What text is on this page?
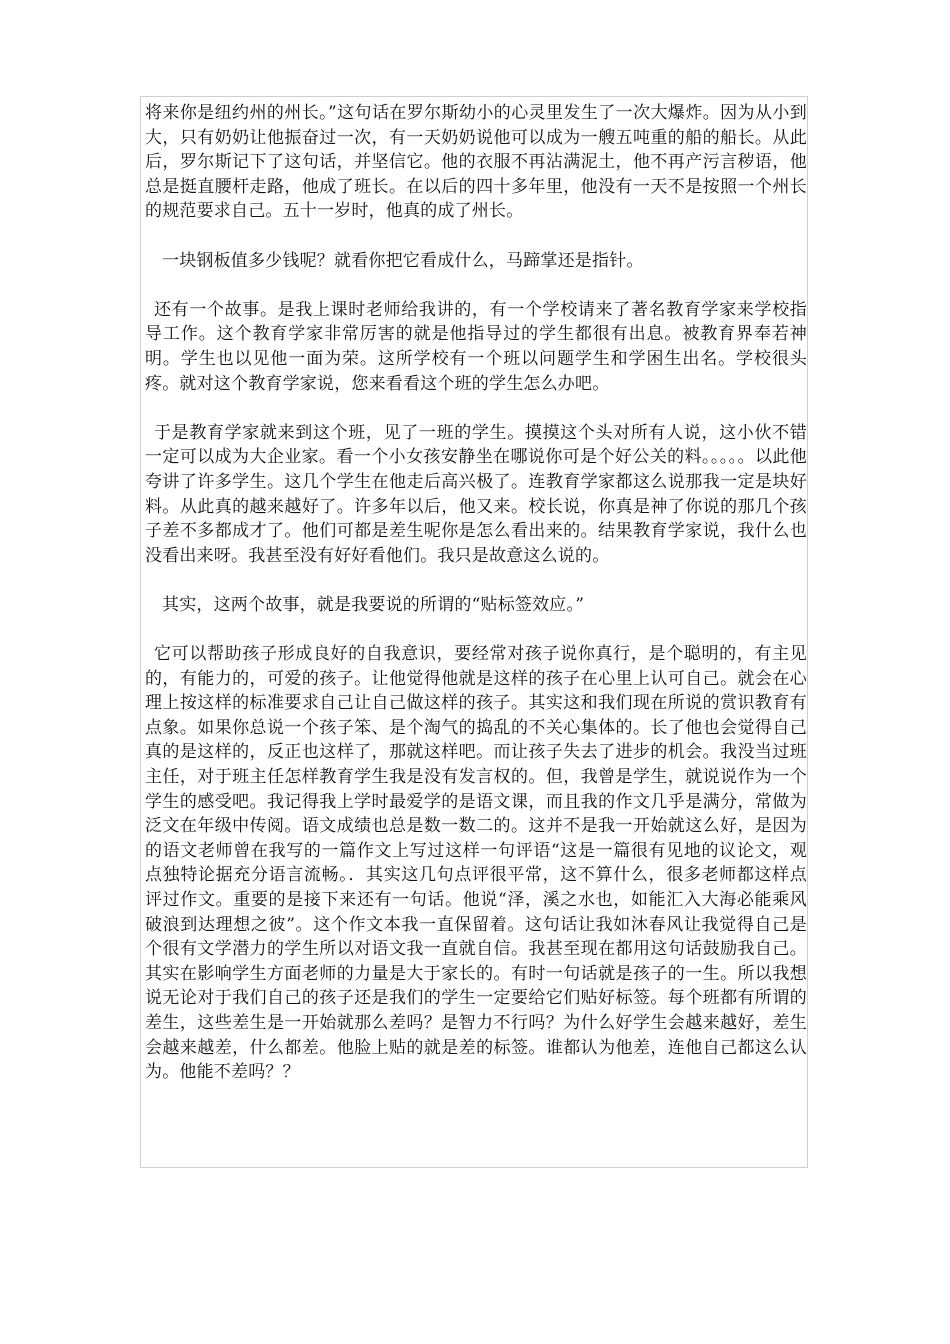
将来你是纽约州的州长。”这句话在罗尔斯幼小的心灵里发生了一次大爆炸。因为从小到大，只有奶奶让他振奋过一次，有一天奶奶说他可以成为一艘五吨重的船的船长。从此后，罗尔斯记下了这句话，并坚信它。他的衣服不再沾满泥土，他不再产污言秽语，他总是挺直腰杆走路，他成了班长。在以后的四十多年里，他没有一天不是按照一个州长的规范要求自己。五十一岁时，他真的成了州长。

一块钢板值多少钱呢？就看你把它看成什么，马蹄掌还是指针。

还有一个故事。是我上课时老师给我讲的，有一个学校请来了著名教育学家来学校指导工作。这个教育学家非常厉害的就是他指导过的学生都很有出息。被教育界奉若神明。学生也以见他一面为荣。这所学校有一个班以问题学生和学困生出名。学校很头疼。就对这个教育学家说，您来看看这个班的学生怎么办吧。

于是教育学家就来到这个班，见了一班的学生。摸摸这个头对所有人说，这小伙不错一定可以成为大企业家。看一个小女孩安静坐在哪说你可是个好公关的料。。。。。以此他夸讲了许多学生。这几个学生在他走后高兴极了。连教育学家都这么说那我一定是块好料。从此真的越来越好了。许多年以后，他又来。校长说，你真是神了你说的那几个孩子差不多都成才了。他们可都是差生呢你是怎么看出来的。结果教育学家说，我什么也没看出来呀。我甚至没有好好看他们。我只是故意这么说的。

其实，这两个故事，就是我要说的所谓的“贴标签效应。”

它可以帮助孩子形成良好的自我意识，要经常对孩子说你真行，是个聪明的，有主见的，有能力的，可爱的孩子。让他觉得他就是这样的孩子在心里上认可自己。就会在心理上按这样的标准要求自己让自己做这样的孩子。其实这和我们现在所说的赏识教育有点象。如果你总说一个孩子笨、是个淘气的捣乱的不关心集体的。长了他也会觉得自己真的是这样的，反正也这样了，那就这样吧。而让孩子失去了进步的机会。我没当过班主任，对于班主任怎样教育学生我是没有发言权的。但，我曾是学生，就说说作为一个学生的感受吧。我记得我上学时最爱学的是语文课，而且我的作文几乎是满分，常做为泛文在年级中传阅。语文成绩也总是数一数二的。这并不是我一开始就这么好，是因为的语文老师曾在我写的一篇作文上写过这样一句评语“这是一篇很有见地的议论文，观点独特论据充分语言流畅。．其实这几句点评很平常，这不算什么，很多老师都这样点评过作文。重要的是接下来还有一句话。他说“泽，溪之水也，如能汇入大海必能乘风破浪到达理想之彼”。这个作文本我一直保留着。这句话让我如沐春风让我觉得自己是个很有文学潜力的学生所以对语文我一直就自信。我甚至现在都用这句话鼓励我自己。其实在影响学生方面老师的力量是大于家长的。有时一句话就是孩子的一生。所以我想说无论对于我们自己的孩子还是我们的学生一定要给它们贴好标签。每个班都有所谓的差生，这些差生是一开始就那么差吗？是智力不行吗？为什么好学生会越来越好，差生会越来越差，什么都差。他脸上贴的就是差的标签。谁都认为他差，连他自己都这么认为。他能不差吗？？
